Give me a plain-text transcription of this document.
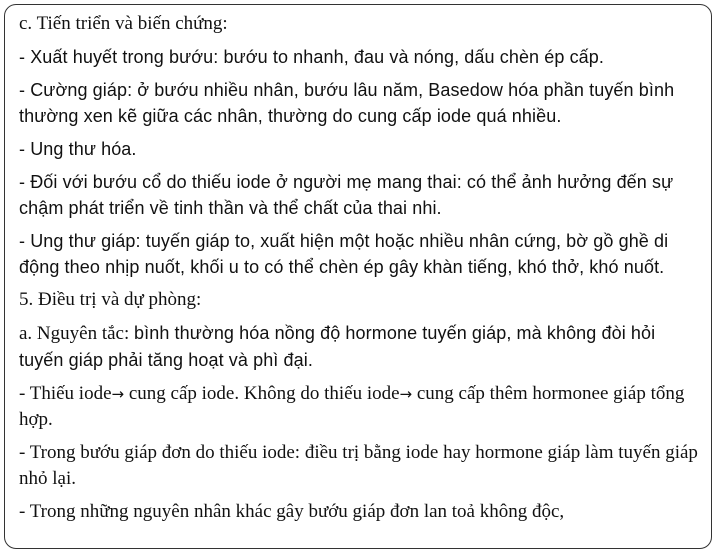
c. Tiến triển và biến chứng:

- Xuất huyết trong bướu: bướu to nhanh, đau và nóng, dấu chèn ép cấp.

- Cường giáp: ở bướu nhiều nhân, bướu lâu năm, Basedow hóa phần tuyến bình thường xen kẽ giữa các nhân, thường do cung cấp iode quá nhiều.

- Ung thư hóa.

- Đối với bướu cổ do thiếu iode ở người mẹ mang thai: có thể ảnh hưởng đến sự chậm phát triển về tinh thần và thể chất của thai nhi.

- Ung thư giáp: tuyến giáp to, xuất hiện một hoặc nhiều nhân cứng, bờ gồ ghề di động theo nhịp nuốt, khối u to có thể chèn ép gây khàn tiếng, khó thở, khó nuốt.

5. Điều trị và dự phòng:

a. Nguyên tắc: bình thường hóa nồng độ hormone tuyến giáp, mà không đòi hỏi tuyến giáp phải tăng hoạt và phì đại.

- Thiếu iode→ cung cấp iode. Không do thiếu iode→ cung cấp thêm hormonee giáp tổng hợp.

- Trong bướu giáp đơn do thiếu iode: điều trị bằng iode hay hormone giáp làm tuyến giáp nhỏ lại.

- Trong những nguyên nhân khác gây bướu giáp đơn lan toả không độc,
